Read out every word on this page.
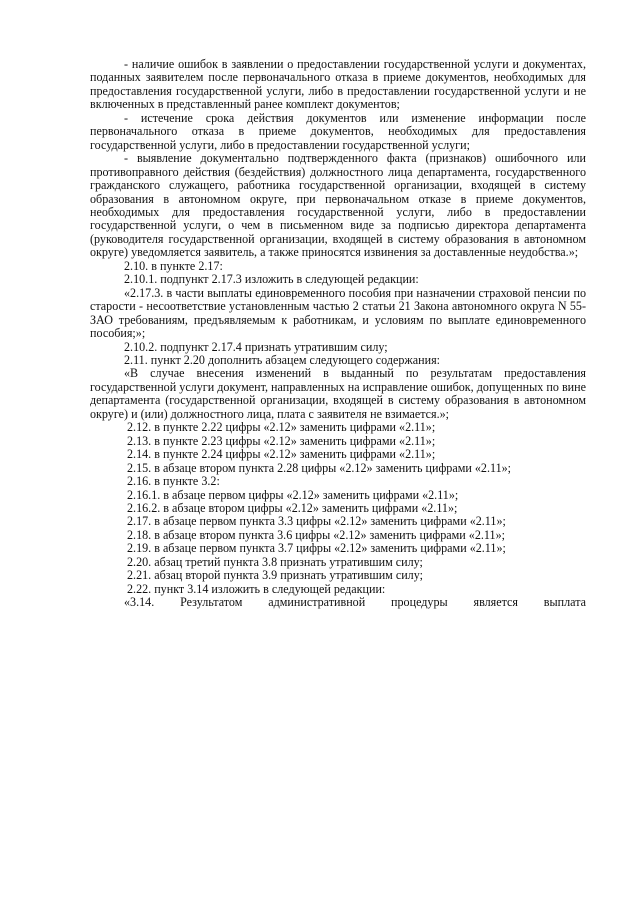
- наличие ошибок в заявлении о предоставлении государственной услуги и документах, поданных заявителем после первоначального отказа в приеме документов, необходимых для предоставления государственной услуги, либо в предоставлении государственной услуги и не включенных в представленный ранее комплект документов;

- истечение срока действия документов или изменение информации после первоначального отказа в приеме документов, необходимых для предоставления государственной услуги, либо в предоставлении государственной услуги;

- выявление документально подтвержденного факта (признаков) ошибочного или противоправного действия (бездействия) должностного лица департамента, государственного гражданского служащего, работника государственной организации, входящей в систему образования в автономном округе, при первоначальном отказе в приеме документов, необходимых для предоставления государственной услуги, либо в предоставлении государственной услуги, о чем в письменном виде за подписью директора департамента (руководителя государственной организации, входящей в систему образования в автономном округе) уведомляется заявитель, а также приносятся извинения за доставленные неудобства.»;

2.10. в пункте 2.17:

2.10.1. подпункт 2.17.3 изложить в следующей редакции:

«2.17.3. в части выплаты единовременного пособия при назначении страховой пенсии по старости - несоответствие установленным частью 2 статьи 21 Закона автономного округа N 55-ЗАО требованиям, предъявляемым к работникам, и условиям по выплате единовременного пособия;»;

2.10.2. подпункт 2.17.4 признать утратившим силу;

2.11. пункт 2.20 дополнить абзацем следующего содержания:

«В случае внесения изменений в выданный по результатам предоставления государственной услуги документ, направленных на исправление ошибок, допущенных по вине департамента (государственной организации, входящей в систему образования в автономном округе) и (или) должностного лица, плата с заявителя не взимается.»;

2.12. в пункте 2.22 цифры «2.12» заменить цифрами «2.11»;

2.13. в пункте 2.23 цифры «2.12» заменить цифрами «2.11»;

2.14. в пункте 2.24 цифры «2.12» заменить цифрами «2.11»;

2.15. в абзаце втором пункта 2.28 цифры «2.12» заменить цифрами «2.11»;

2.16. в пункте 3.2:

2.16.1. в абзаце первом цифры «2.12» заменить цифрами «2.11»;

2.16.2. в абзаце втором цифры «2.12» заменить цифрами «2.11»;

2.17. в абзаце первом пункта 3.3 цифры «2.12» заменить цифрами «2.11»;

2.18. в абзаце втором пункта 3.6 цифры «2.12» заменить цифрами «2.11»;

2.19. в абзаце первом пункта 3.7 цифры «2.12» заменить цифрами «2.11»;

2.20. абзац третий пункта 3.8 признать утратившим силу;

2.21. абзац второй пункта 3.9 признать утратившим силу;

2.22. пункт 3.14 изложить в следующей редакции:

«3.14. Результатом административной процедуры является выплата
